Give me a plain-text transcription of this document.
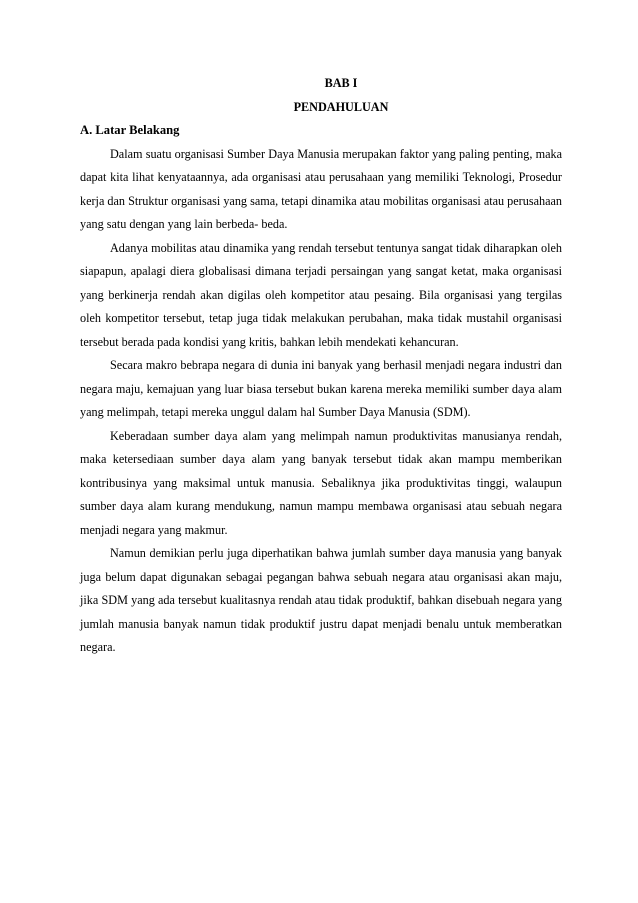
BAB I

PENDAHULUAN

A. Latar Belakang

Dalam suatu organisasi Sumber Daya Manusia merupakan faktor yang paling penting, maka dapat kita lihat kenyataannya, ada organisasi atau perusahaan yang memiliki Teknologi, Prosedur kerja dan Struktur organisasi yang sama, tetapi dinamika atau mobilitas organisasi atau perusahaan yang satu dengan yang lain berbeda- beda.

Adanya mobilitas atau dinamika yang rendah tersebut tentunya sangat tidak diharapkan oleh siapapun, apalagi diera globalisasi dimana terjadi persaingan yang sangat ketat, maka organisasi yang berkinerja rendah akan digilas oleh kompetitor atau pesaing. Bila organisasi yang tergilas oleh kompetitor tersebut, tetap juga tidak melakukan perubahan, maka tidak mustahil organisasi tersebut berada pada kondisi yang kritis, bahkan lebih mendekati kehancuran.

Secara makro bebrapa negara di dunia ini banyak yang berhasil menjadi negara industri dan negara maju, kemajuan yang luar biasa tersebut bukan karena mereka memiliki sumber daya alam yang melimpah, tetapi mereka unggul dalam hal Sumber Daya Manusia (SDM).

Keberadaan sumber daya alam yang melimpah namun produktivitas manusianya rendah, maka ketersediaan sumber daya alam yang banyak tersebut tidak akan mampu memberikan kontribusinya yang maksimal untuk manusia. Sebaliknya jika produktivitas tinggi, walaupun sumber daya alam kurang mendukung, namun mampu membawa organisasi atau sebuah negara menjadi negara yang makmur.

Namun demikian perlu juga diperhatikan bahwa jumlah sumber daya manusia yang banyak juga belum dapat digunakan sebagai pegangan bahwa sebuah negara atau organisasi akan maju, jika SDM yang ada tersebut kualitasnya rendah atau tidak produktif, bahkan disebuah negara yang jumlah manusia banyak namun tidak produktif justru dapat menjadi benalu untuk memberatkan negara.
